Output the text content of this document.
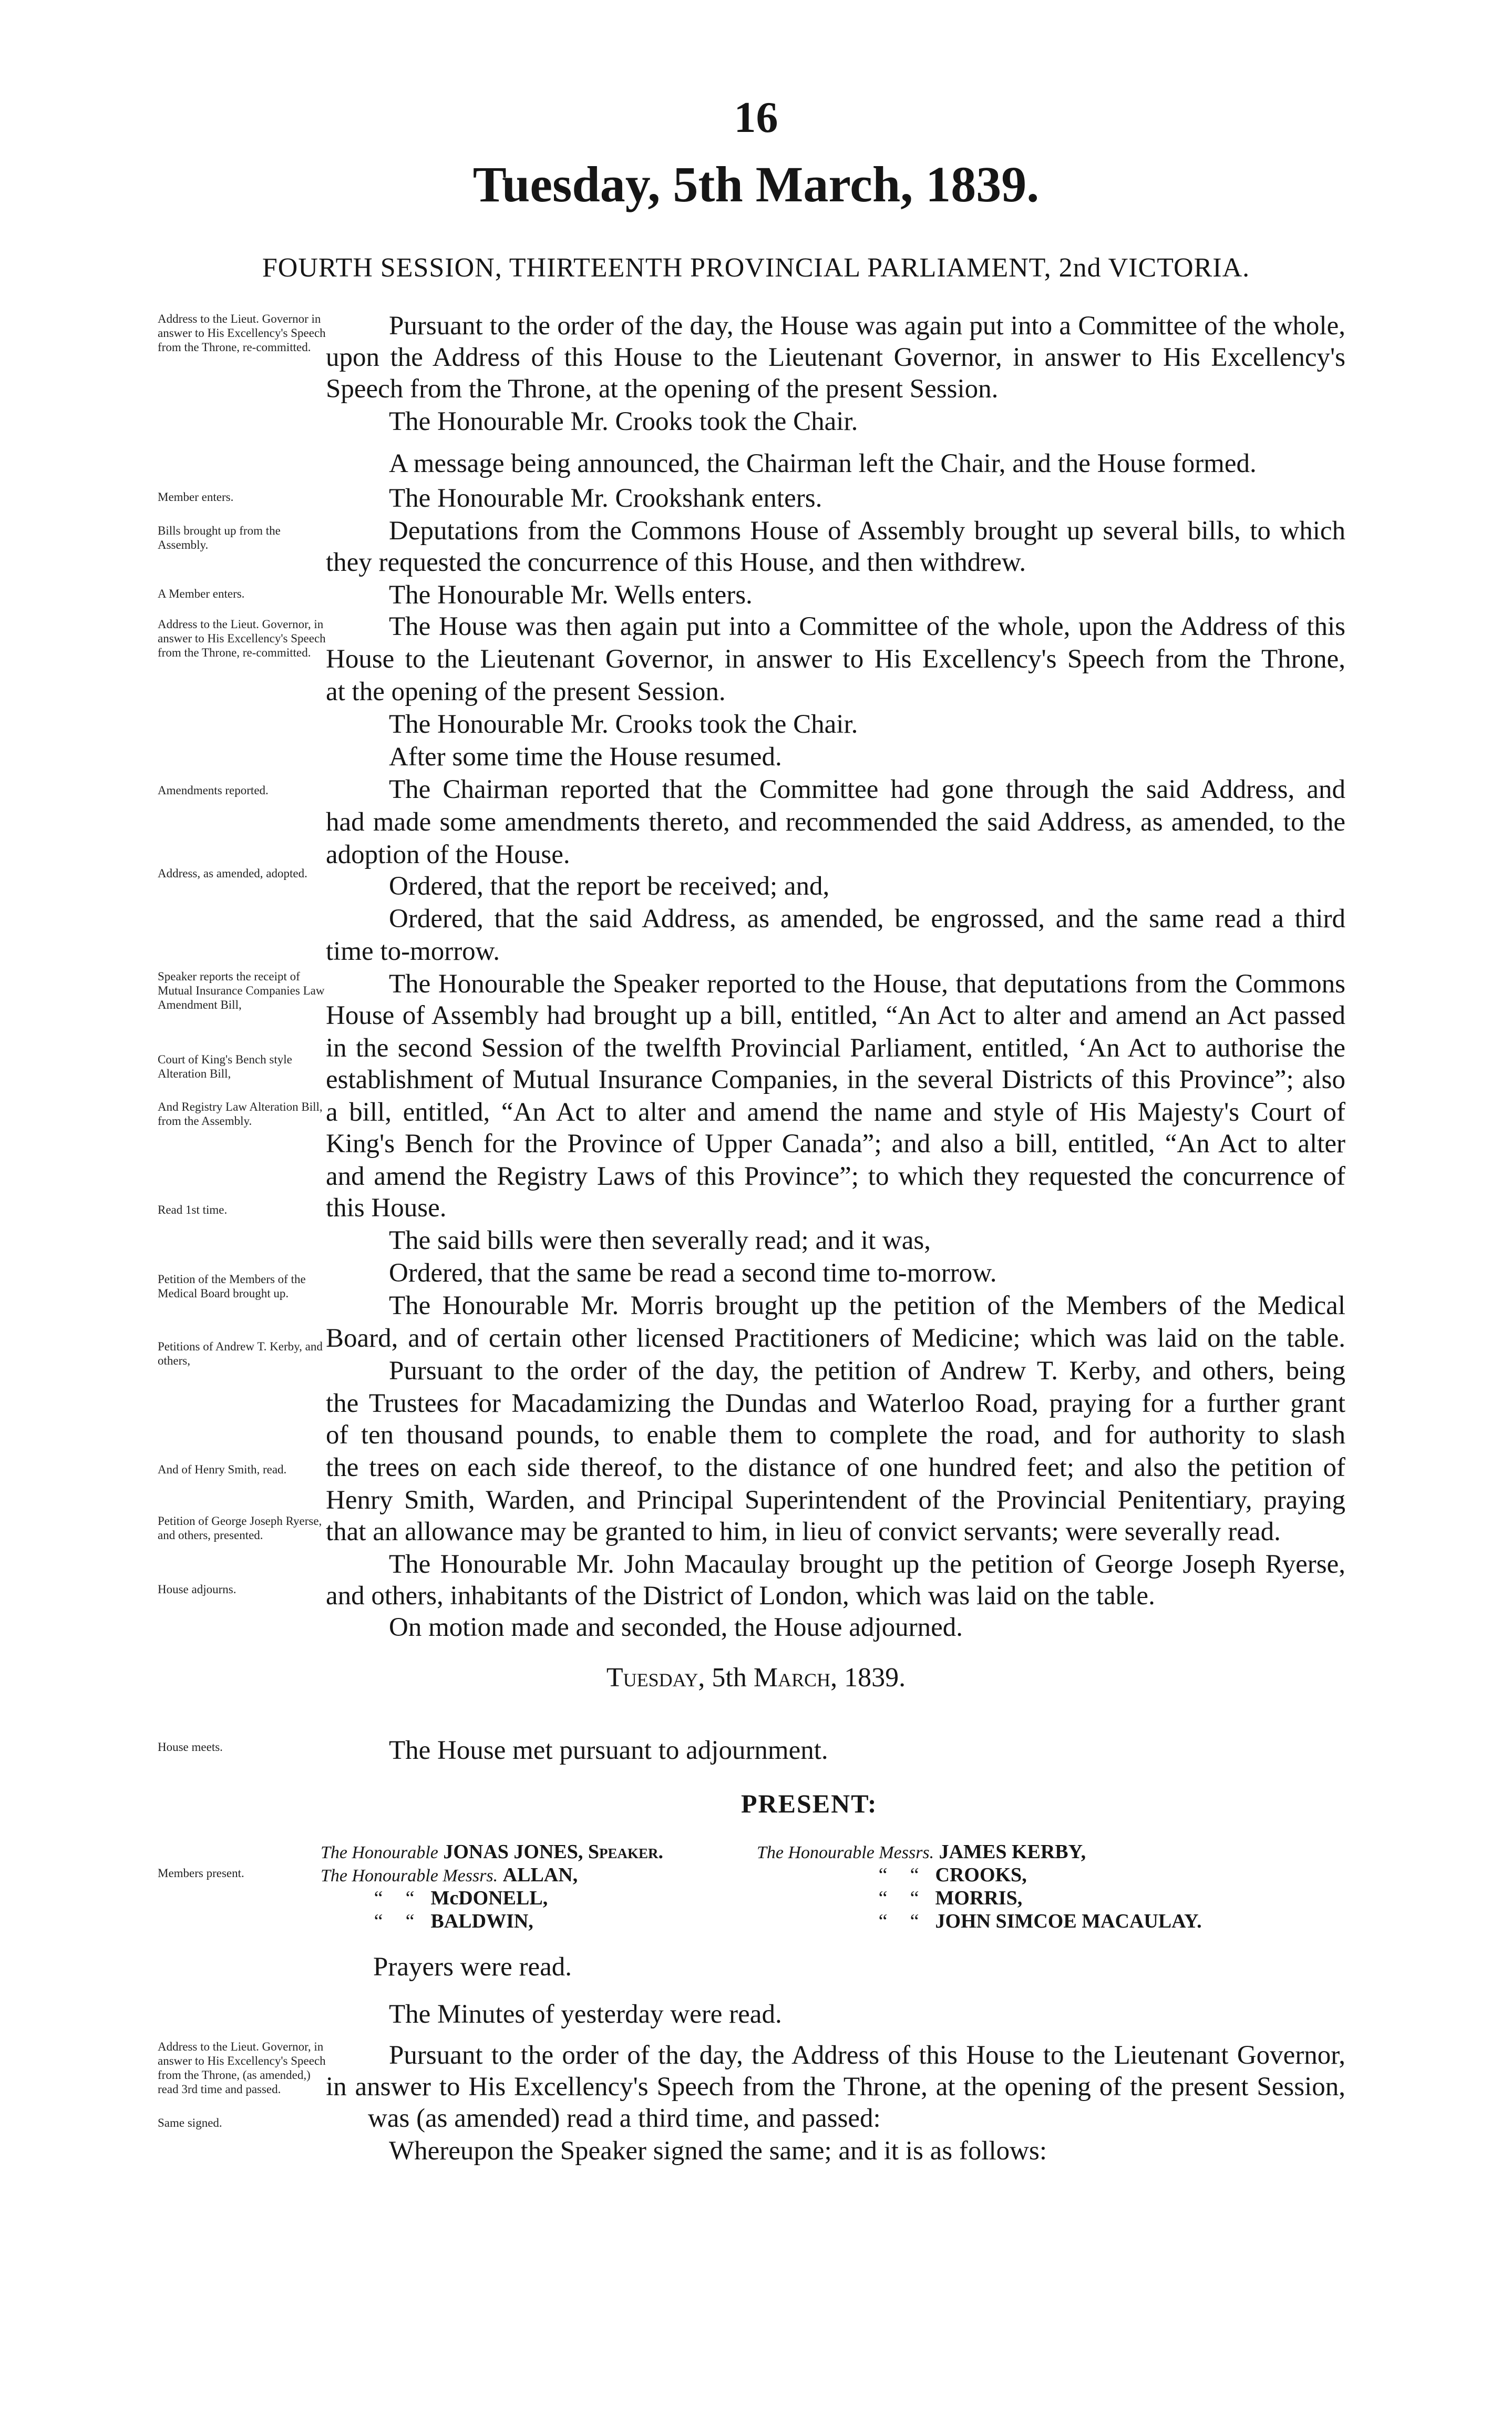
16
Tuesday, 5th March, 1839.
FOURTH SESSION, THIRTEENTH PROVINCIAL PARLIAMENT, 2nd VICTORIA.
Address to the Lieut. Governor in answer to His Excellency's Speech from the Throne, re-committed.
Member enters.
Bills brought up from the Assembly.
A Member enters.
Address to the Lieut. Governor, in answer to His Excellency's Speech from the Throne, re-committed.
Amendments reported.
Address, as amended, adopted.
Speaker reports the receipt of Mutual Insurance Companies Law Amendment Bill,
Court of King's Bench style Alteration Bill,
And Registry Law Alteration Bill, from the Assembly.
Read 1st time.
Petition of the Members of the Medical Board brought up.
Petitions of Andrew T. Kerby, and others,
And of Henry Smith, read.
Petition of George Joseph Ryerse, and others, presented.
House adjourns.
House meets.
Members present.
Address to the Lieut. Governor, in answer to His Excellency's Speech from the Throne, (as amended,) read 3rd time and passed.
Same signed.
Pursuant to the order of the day, the House was again put into a Committee of the whole,
upon the Address of this House to the Lieutenant Governor, in answer to His Excellency's
Speech from the Throne, at the opening of the present Session.
The Honourable Mr. Crooks took the Chair.
A message being announced, the Chairman left the Chair, and the House formed.
The Honourable Mr. Crookshank enters.
Deputations from the Commons House of Assembly brought up several bills, to which
they requested the concurrence of this House, and then withdrew.
The Honourable Mr. Wells enters.
The House was then again put into a Committee of the whole, upon the Address of this
House to the Lieutenant Governor, in answer to His Excellency's Speech from the Throne,
at the opening of the present Session.
The Honourable Mr. Crooks took the Chair.
After some time the House resumed.
The Chairman reported that the Committee had gone through the said Address, and
had made some amendments thereto, and recommended the said Address, as amended, to the
adoption of the House.
Ordered, that the report be received; and,
Ordered, that the said Address, as amended, be engrossed, and the same read a third
time to-morrow.
The Honourable the Speaker reported to the House, that deputations from the Commons
House of Assembly had brought up a bill, entitled, “An Act to alter and amend an Act passed
in the second Session of the twelfth Provincial Parliament, entitled, ‘An Act to authorise the
establishment of Mutual Insurance Companies, in the several Districts of this Province”; also
a bill, entitled, “An Act to alter and amend the name and style of His Majesty's Court of
King's Bench for the Province of Upper Canada”; and also a bill, entitled, “An Act to alter
and amend the Registry Laws of this Province”; to which they requested the concurrence of
this House.
The said bills were then severally read; and it was,
Ordered, that the same be read a second time to-morrow.
The Honourable Mr. Morris brought up the petition of the Members of the Medical
Board, and of certain other licensed Practitioners of Medicine; which was laid on the table.
Pursuant to the order of the day, the petition of Andrew T. Kerby, and others, being
the Trustees for Macadamizing the Dundas and Waterloo Road, praying for a further grant
of ten thousand pounds, to enable them to complete the road, and for authority to slash
the trees on each side thereof, to the distance of one hundred feet; and also the petition of
Henry Smith, Warden, and Principal Superintendent of the Provincial Penitentiary, praying
that an allowance may be granted to him, in lieu of convict servants; were severally read.
The Honourable Mr. John Macaulay brought up the petition of George Joseph Ryerse,
and others, inhabitants of the District of London, which was laid on the table.
On motion made and seconded, the House adjourned.
Tuesday, 5th March, 1839.
The House met pursuant to adjournment.
PRESENT:
The Honourable JONAS JONES, Speaker.
The Honourable Messrs. ALLAN,
“ “ McDONELL,
“ “ BALDWIN,
The Honourable Messrs. JAMES KERBY,
“ “ CROOKS,
“ “ MORRIS,
“ “ JOHN SIMCOE MACAULAY.
Prayers were read.
The Minutes of yesterday were read.
Pursuant to the order of the day, the Address of this House to the Lieutenant Governor,
in answer to His Excellency's Speech from the Throne, at the opening of the present Session,
was (as amended) read a third time, and passed:
Whereupon the Speaker signed the same; and it is as follows:
